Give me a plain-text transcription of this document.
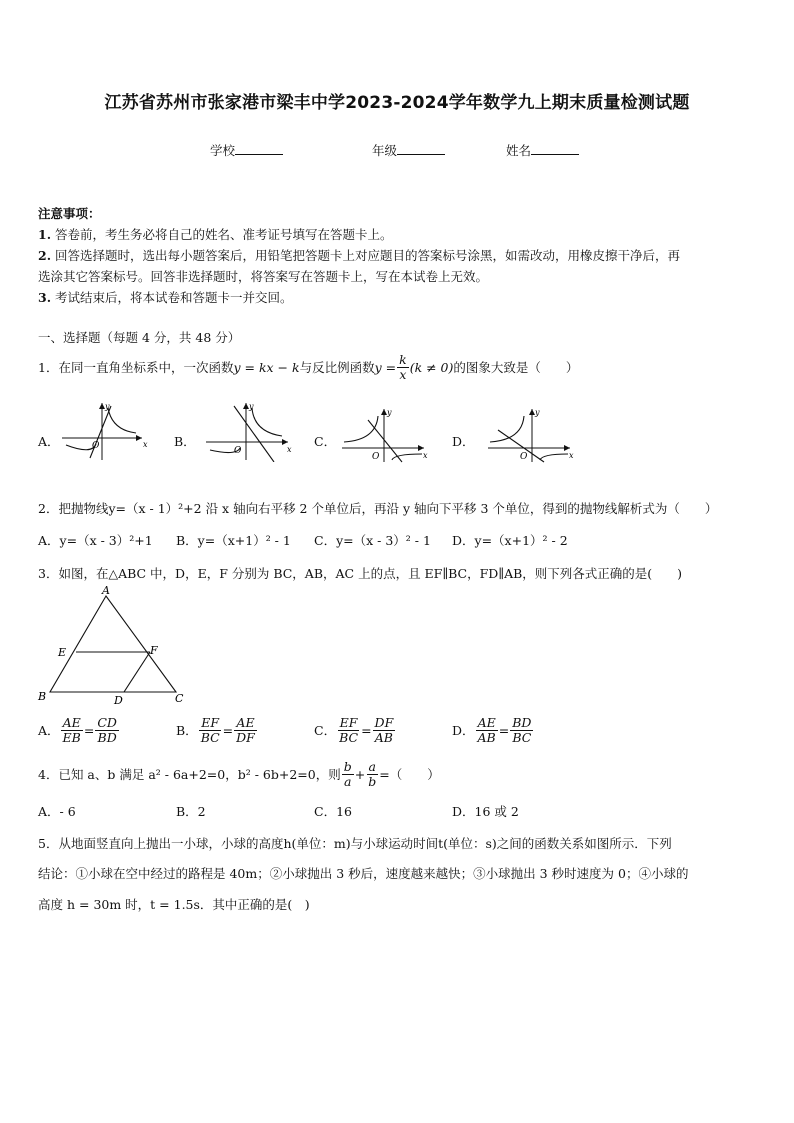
江苏省苏州市张家港市梁丰中学2023-2024学年数学九上期末质量检测试题
学校	年级	姓名
注意事项：
1. 答卷前，考生务必将自己的姓名、准考证号填写在答题卡上。
2. 回答选择题时，选出每小题答案后，用铅笔把答题卡上对应题目的答案标号涂黑，如需改动，用橡皮擦干净后，再
选涂其它答案标号。回答非选择题时，将答案写在答题卡上，写在本试卷上无效。
3. 考试结束后，将本试卷和答题卡一并交回。
一、选择题（每题 4 分，共 48 分）
1．在同一直角坐标系中，一次函数 y = kx − k 与反比例函数 $y = \frac{k}{x} (k \ne 0)$ 的图象大致是（　　）
A．	x
y
O	B．
x
y
O
C．
x
y
O
D．
x
y
O
2．把抛物线y=（x - 1）²+2 沿 x 轴向右平移 2 个单位后，再沿 y 轴向下平移 3 个单位，得到的抛物线解析式为（　　）
A．y=（x - 3）²+1 B．y=（x+1）² - 1 C．y=（x - 3）² - 1 D．y=（x+1）² - 2
3．如图，在△ABC 中，D，E，F 分别为 BC，AB，AC 上的点，且 EF∥BC，FD∥AB，则下列各式正确的是(　　)
A
E	F
B	D	C
A． $\frac{AE}{EB} = \frac{CD}{BD}$	B． $\frac{EF}{BC} = \frac{AE}{DF}$	C． $\frac{EF}{BC} = \frac{DF}{AB}$	D． $\frac{AE}{AB} = \frac{BD}{BC}$
4．已知 a、b 满足 a² - 6a+2=0，b² - 6b+2=0，则 $\frac{b}{a} + \frac{a}{b}$ =（　　）
A．- 6	B．2	C．16	D．16 或 2
5．从地面竖直向上抛出一小球，小球的高度h(单位：m)与小球运动时间t(单位：s)之间的函数关系如图所示．下列
结论：①小球在空中经过的路程是 40m；②小球抛出 3 秒后，速度越来越快；③小球抛出 3 秒时速度为 0；④小球的
高度 h = 30m 时，t = 1.5s．其中正确的是(　)
